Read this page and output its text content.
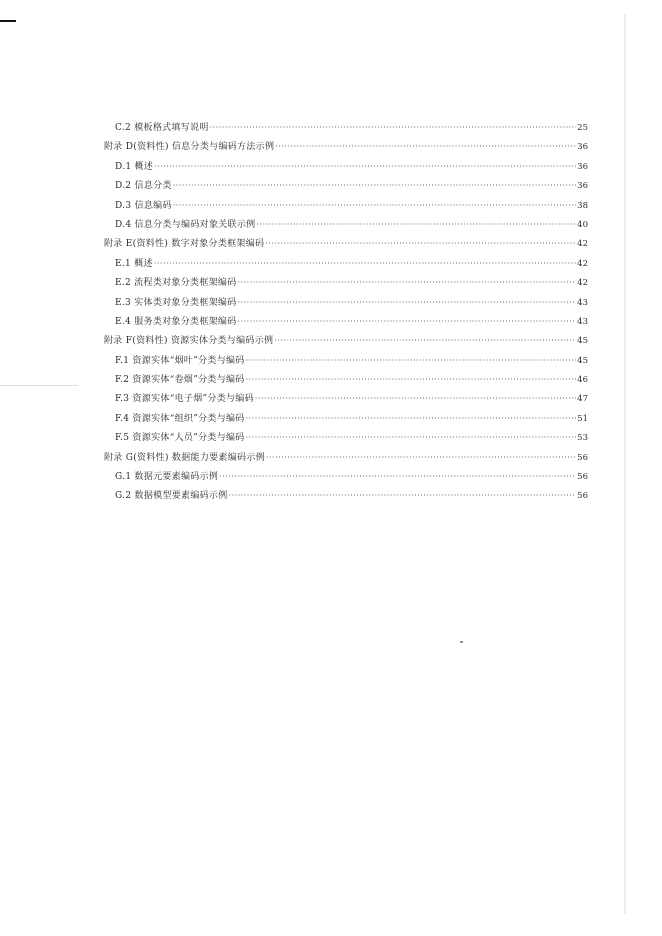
C.2 模板格式填写说明 ·····	25
附录 D(资料性) 信息分类与编码方法示例 ·····	36
D.1 概述 ·····	36
D.2 信息分类 ·····	36
D.3 信息编码 ·····	38
D.4 信息分类与编码对象关联示例 ·····	40
附录 E(资料性) 数字对象分类框架编码 ·····	42
E.1 概述 ·····	42
E.2 流程类对象分类框架编码 ·····	42
E.3 实体类对象分类框架编码 ·····	43
E.4 服务类对象分类框架编码 ·····	43
附录 F(资料性) 资源实体分类与编码示例 ·····	45
F.1 资源实体“烟叶”分类与编码 ·····	45
F.2 资源实体“卷烟”分类与编码 ·····	46
F.3 资源实体“电子烟”分类与编码 ·····	47
F.4 资源实体“组织”分类与编码 ·····	51
F.5 资源实体“人员”分类与编码 ·····	53
附录 G(资料性) 数据能力要素编码示例 ·····	56
G.1 数据元要素编码示例 ·····	56
G.2 数据模型要素编码示例 ·····	56
